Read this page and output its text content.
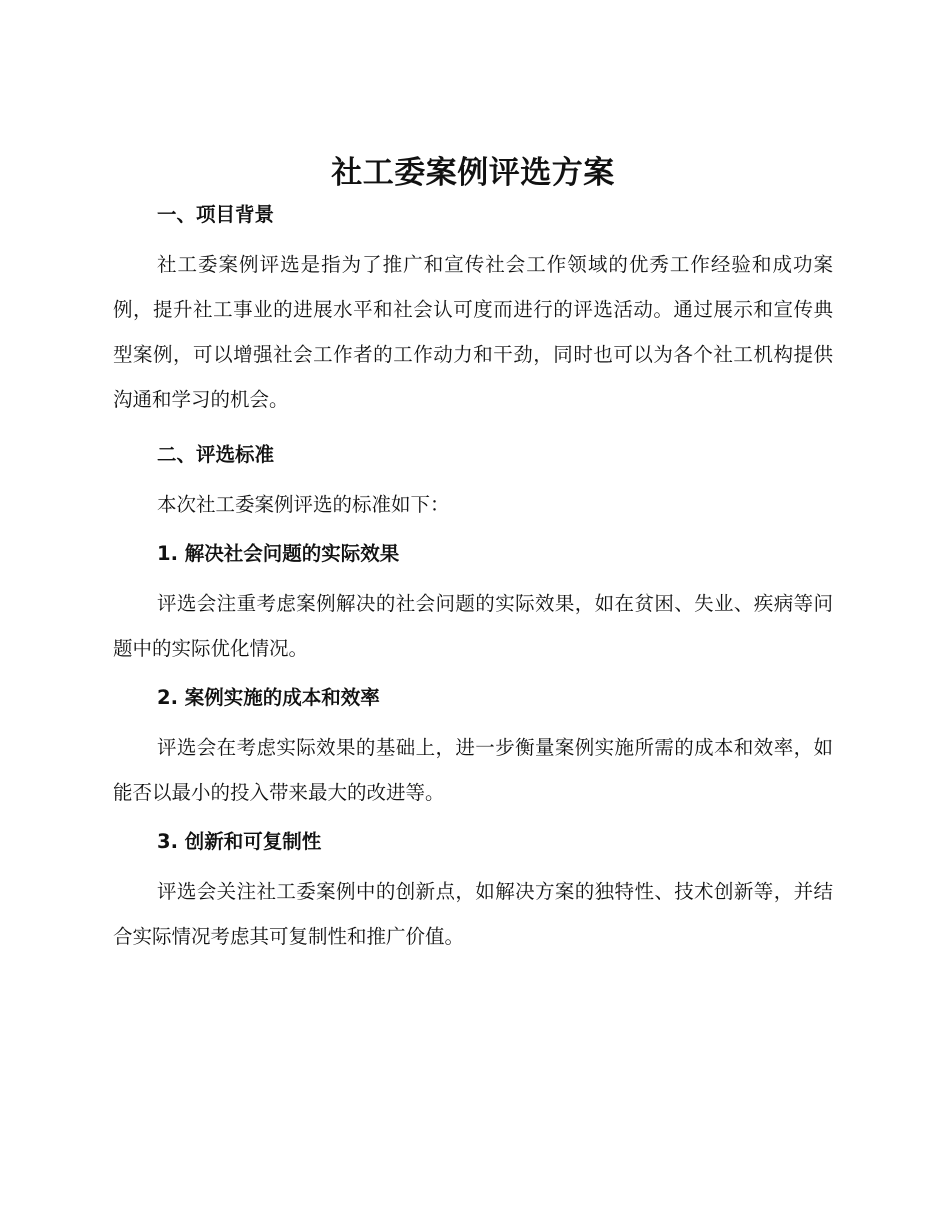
社工委案例评选方案
一、项目背景

社工委案例评选是指为了推广和宣传社会工作领域的优秀工作经验和成功案例，提升社工事业的进展水平和社会认可度而进行的评选活动。通过展示和宣传典型案例，可以增强社会工作者的工作动力和干劲，同时也可以为各个社工机构提供沟通和学习的机会。

二、评选标准

本次社工委案例评选的标准如下：

1. 解决社会问题的实际效果

评选会注重考虑案例解决的社会问题的实际效果，如在贫困、失业、疾病等问题中的实际优化情况。

2. 案例实施的成本和效率

评选会在考虑实际效果的基础上，进一步衡量案例实施所需的成本和效率，如能否以最小的投入带来最大的改进等。

3. 创新和可复制性

评选会关注社工委案例中的创新点，如解决方案的独特性、技术创新等，并结合实际情况考虑其可复制性和推广价值。
